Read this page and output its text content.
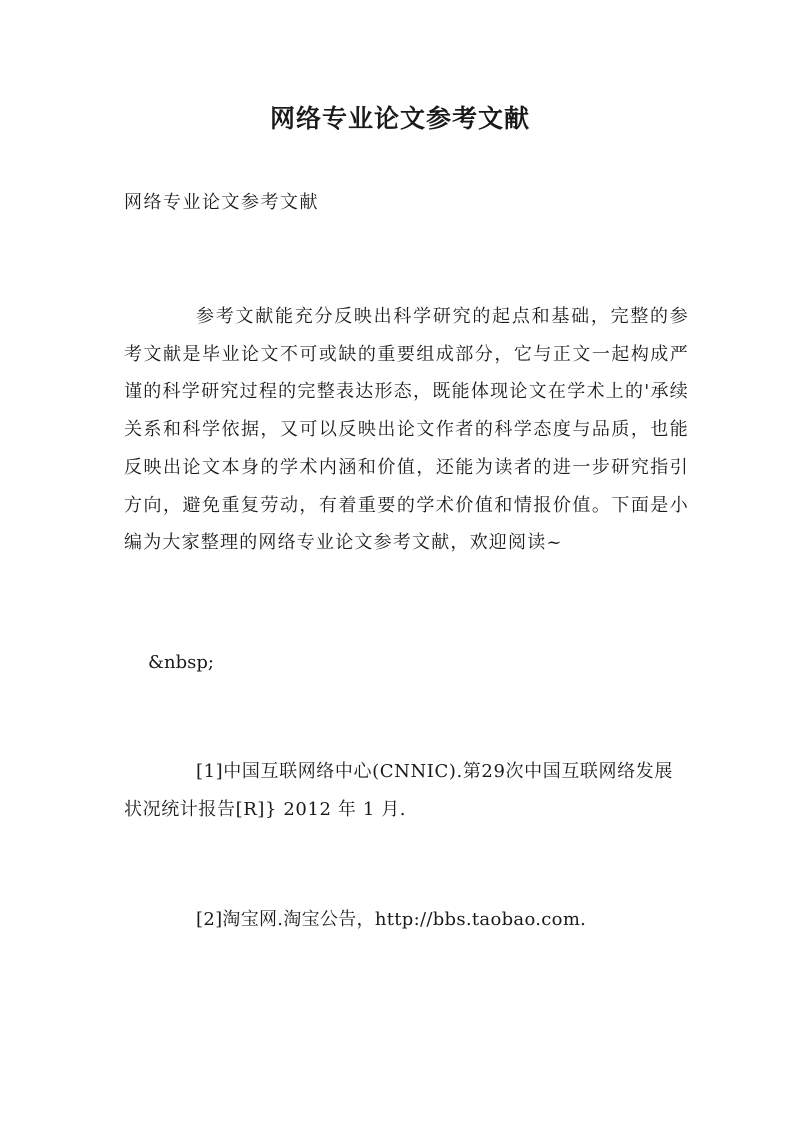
网络专业论文参考文献

网络专业论文参考文献

参考文献能充分反映出科学研究的起点和基础，完整的参考文献是毕业论文不可或缺的重要组成部分，它与正文一起构成严谨的科学研究过程的完整表达形态，既能体现论文在学术上的'承续关系和科学依据，又可以反映出论文作者的科学态度与品质，也能反映出论文本身的学术内涵和价值，还能为读者的进一步研究指引方向，避免重复劳动，有着重要的学术价值和情报价值。下面是小编为大家整理的网络专业论文参考文献，欢迎阅读~

&nbsp;

[1]中国互联网络中心(CNNIC).第29次中国互联网络发展状况统计报告[R]} 2012 年 1 月.

[2]淘宝网.淘宝公告，http://bbs.taobao.com.
